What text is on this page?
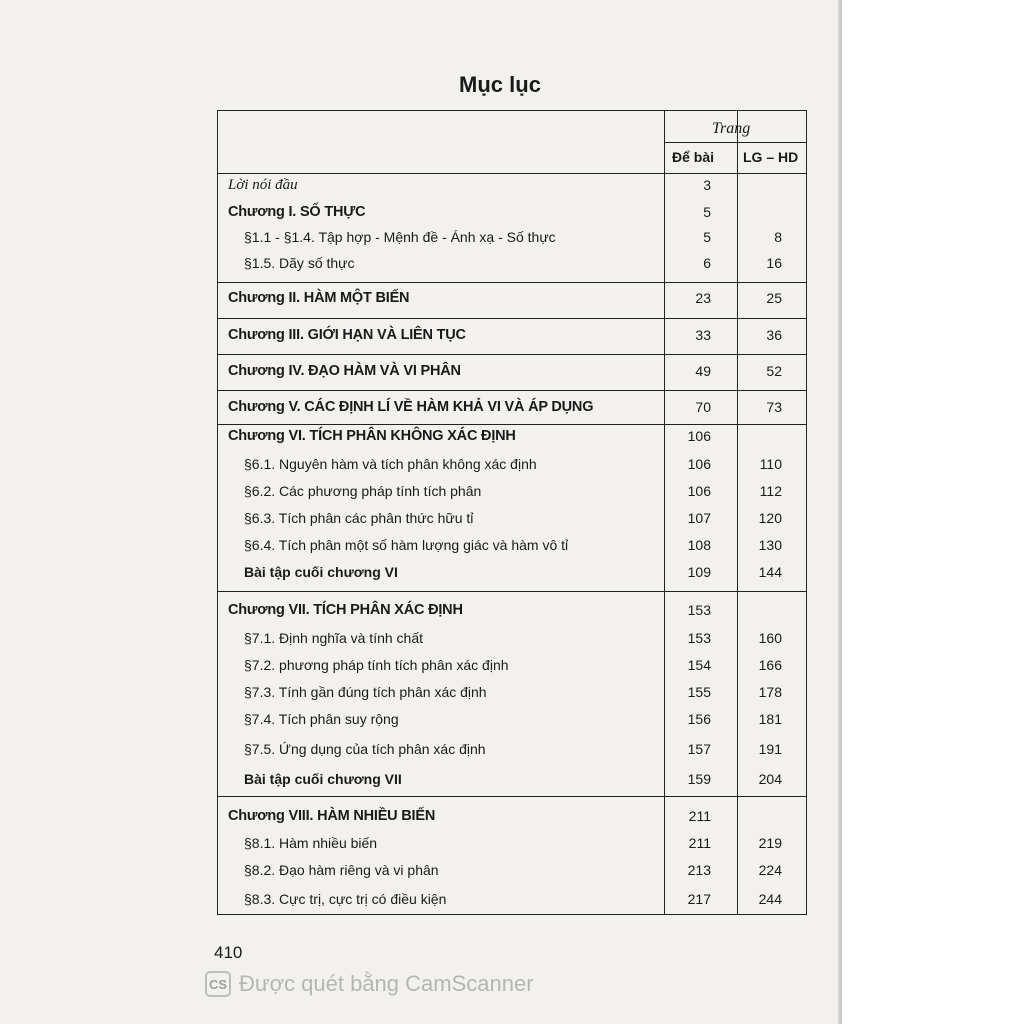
Mục lục
Trang
Để bài LG – HD
Lời nói đầu	3
Chương I. SỐ THỰC	5
§1.1 - §1.4. Tập hợp - Mệnh đề - Ánh xạ - Số thực	5	8
§1.5. Dãy số thực	6	16
Chương II. HÀM MỘT BIẾN	23	25
Chương III. GIỚI HẠN VÀ LIÊN TỤC	33	36
Chương IV. ĐẠO HÀM VÀ VI PHÂN	49	52
Chương V. CÁC ĐỊNH LÍ VỀ HÀM KHẢ VI VÀ ÁP DỤNG	70	73
Chương VI. TÍCH PHÂN KHÔNG XÁC ĐỊNH	106
§6.1. Nguyên hàm và tích phân không xác định	106	110
§6.2. Các phương pháp tính tích phân	106	112
§6.3. Tích phân các phân thức hữu tỉ	107	120
§6.4. Tích phân một số hàm lượng giác và hàm vô tỉ	108	130
Bài tập cuối chương VI	109	144
Chương VII. TÍCH PHÂN XÁC ĐỊNH	153
§7.1. Định nghĩa và tính chất	153	160
§7.2. phương pháp tính tích phân xác định	154	166
§7.3. Tính gần đúng tích phân xác định	155	178
§7.4. Tích phân suy rộng	156	181
§7.5. Ứng dụng của tích phân xác định	157	191
Bài tập cuối chương VII	159	204
Chương VIII. HÀM NHIỀU BIẾN	211
§8.1. Hàm nhiều biến	211	219
§8.2. Đạo hàm riêng và vi phân	213	224
§8.3. Cực trị, cực trị có điều kiện	217	244
410
CS Được quét bằng CamScanner
